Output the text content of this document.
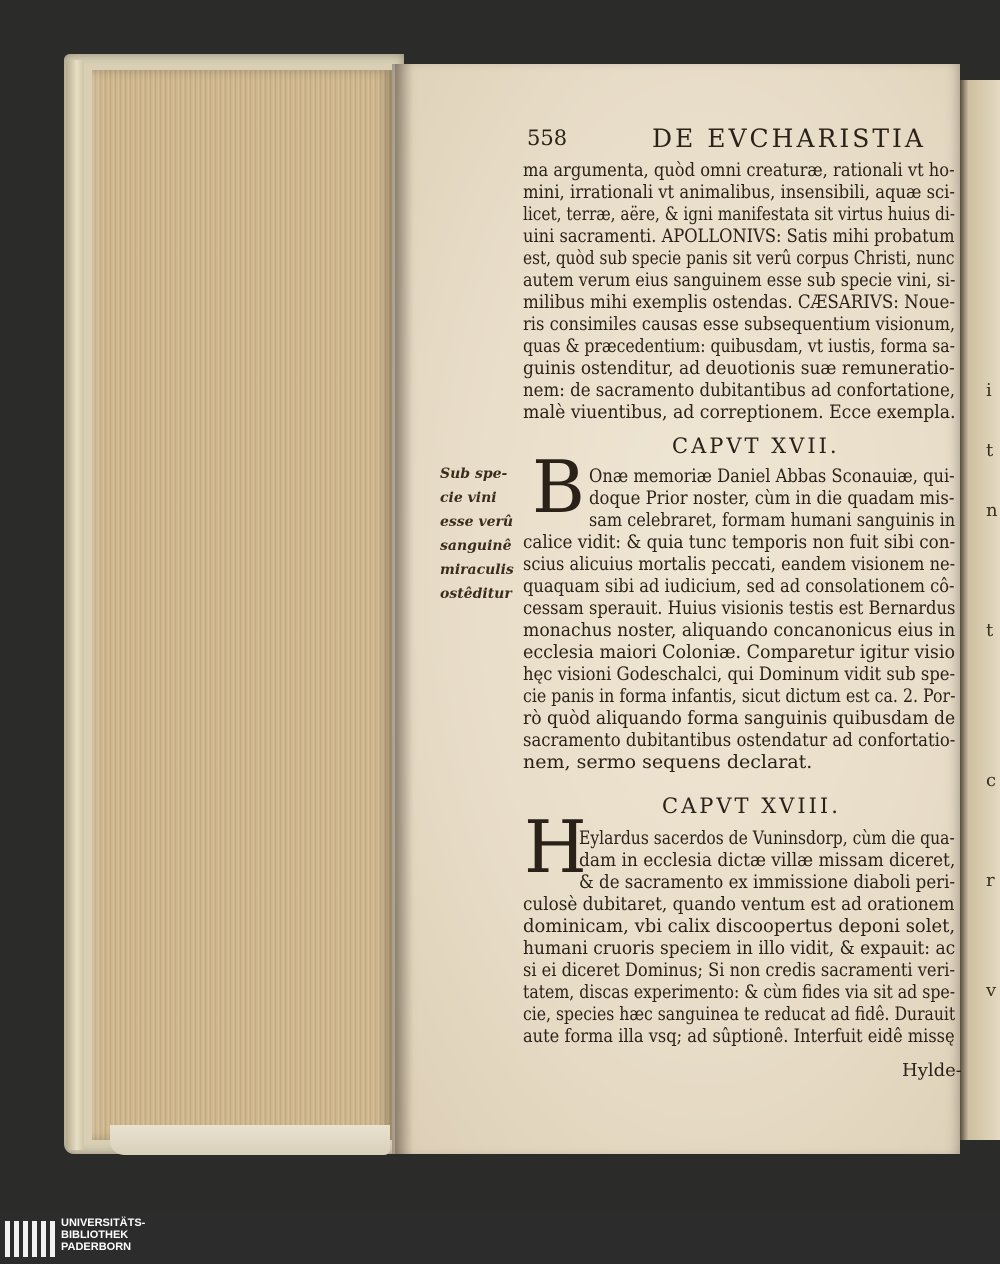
i
t
n
t
c
r
v
558	DE EVCHARISTIA
ma argumenta, quòd omni creaturæ, rationali vt ho-
mini, irrationali vt animalibus, insensibili, aquæ sci-
licet, terræ, aëre, & igni manifestata sit virtus huius di-
uini sacramenti. APOLLONIVS: Satis mihi probatum
est, quòd sub specie panis sit verû corpus Christi, nunc
autem verum eius sanguinem esse sub specie vini, si-
milibus mihi exemplis ostendas. CÆSARIVS: Noue-
ris consimiles causas esse subsequentium visionum,
quas & præcedentium: quibusdam, vt iustis, forma sa-
guinis ostenditur, ad deuotionis suæ remuneratio-
nem: de sacramento dubitantibus ad confortatione,
malè viuentibus, ad correptionem. Ecce exempla.
CAPVT XVII.
B Onæ memoriæ Daniel Abbas Sconauiæ, qui-
doque Prior noster, cùm in die quadam mis-
sam celebraret, formam humani sanguinis in
calice vidit: & quia tunc temporis non fuit sibi con-
scius alicuius mortalis peccati, eandem visionem ne-
quaquam sibi ad iudicium, sed ad consolationem cô-
cessam sperauit. Huius visionis testis est Bernardus
monachus noster, aliquando concanonicus eius in
ecclesia maiori Coloniæ. Comparetur igitur visio
hęc visioni Godeschalci, qui Dominum vidit sub spe-
cie panis in forma infantis, sicut dictum est ca. 2. Por-
rò quòd aliquando forma sanguinis quibusdam de
sacramento dubitantibus ostendatur ad confortatio-
nem, sermo sequens declarat.
Sub spe-
cie vini
esse verû
sanguinê
miraculis
ostêditur
CAPVT XVIII.
H
Eylardus sacerdos de Vuninsdorp, cùm die qua-
dam in ecclesia dictæ villæ missam diceret,
& de sacramento ex immissione diaboli peri-
culosè dubitaret, quando ventum est ad orationem
dominicam, vbi calix discoopertus deponi solet,
humani cruoris speciem in illo vidit, & expauit: ac
si ei diceret Dominus; Si non credis sacramenti veri-
tatem, discas experimento: & cùm fides via sit ad spe-
cie, species hæc sanguinea te reducat ad fidê. Durauit
aute forma illa vsq; ad sûptionê. Interfuit eidê missę
Hylde-
UNIVERSITÄTS-
BIBLIOTHEK
PADERBORN
